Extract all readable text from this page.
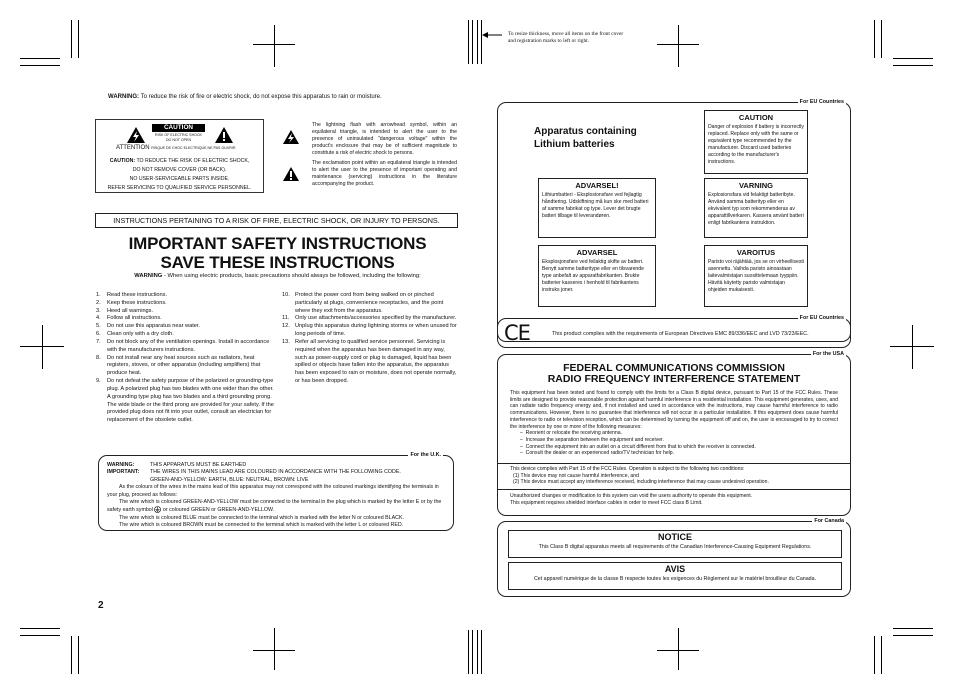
To resize thickness, move all items on the front cover
and registration marks to left or right.
WARNING: To reduce the risk of fire or electric shock, do not expose this apparatus to rain or moisture.
CAUTION
RISK OF ELECTRIC SHOCK
DO NOT OPEN
ATTENTION RISQUE DE CHOC ELECTRIQUE NE PAS OUVRIR
CAUTION: TO REDUCE THE RISK OF ELECTRIC SHOCK,
DO NOT REMOVE COVER (OR BACK).
NO USER-SERVICEABLE PARTS INSIDE.
REFER SERVICING TO QUALIFIED SERVICE PERSONNEL.
The lightning flash with arrowhead symbol, within an equilateral triangle, is intended to alert the user to the presence of uninsulated "dangerous voltage" within the product's enclosure that may be of sufficient magnitude to constitute a risk of electric shock to persons.
The exclamation point within an equilateral triangle is intended to alert the user to the presence of important operating and maintenance (servicing) instructions in the literature accompanying the product.
INSTRUCTIONS PERTAINING TO A RISK OF FIRE, ELECTRIC SHOCK, OR INJURY TO PERSONS.
IMPORTANT SAFETY INSTRUCTIONS
SAVE THESE INSTRUCTIONS
WARNING - When using electric products, basic precautions should always be followed, including the following:
1.	Read these instructions.
2.	Keep these instructions.
3.	Heed all warnings.
4.	Follow all instructions.
5.	Do not use this apparatus near water.
6.	Clean only with a dry cloth.
7.	Do not block any of the ventilation openings. Install in accordance with the manufacturers instructions.
8.	Do not install near any heat sources such as radiators, heat registers, stoves, or other apparatus (including amplifiers) that produce heat.
9.	Do not defeat the safety purpose of the polarized or grounding-type plug. A polarized plug has two blades with one wider than the other. A grounding type plug has two blades and a third grounding prong. The wide blade or the third prong are provided for your safety. If the provided plug does not fit into your outlet, consult an electrician for replacement of the obsolete outlet.
10. Protect the power cord from being walked on or pinched particularly at plugs, convenience receptacles, and the point where they exit from the apparatus.
11.	Only use attachments/accessories specified by the manufacturer.
12. Unplug this apparatus during lightning storms or when unused for long periods of time.
13. Refer all servicing to qualified service personnel. Servicing is required when the apparatus has been damaged in any way, such as power-supply cord or plug is damaged, liquid has been spilled or objects have fallen into the apparatus, the apparatus has been exposed to rain or moisture, does not operate normally, or has been dropped.
For the U.K.
WARNING:	THIS APPARATUS MUST BE EARTHED
IMPORTANT:	THE WIRES IN THIS MAINS LEAD ARE COLOURED IN ACCORDANCE WITH THE FOLLOWING CODE.
GREEN-AND-YELLOW: EARTH, BLUE: NEUTRAL, BROWN: LIVE
As the colours of the wires in the mains lead of this apparatus may not correspond with the coloured markings identifying the terminals in your plug, proceed as follows:
The wire which is coloured GREEN-AND-YELLOW must be connected to the terminal in the plug which is marked by the letter E or by the safety earth symbol or coloured GREEN or GREEN-AND-YELLOW.
The wire which is coloured BLUE must be connected to the terminal which is marked with the letter N or coloured BLACK.
The wire which is coloured BROWN must be connected to the terminal which is marked with the letter L or coloured RED.
2
For EU Countries
Apparatus containing
Lithium batteries
CAUTION
Danger of explosion if battery is incorrectly replaced. Replace only with the same or equivalent type recommended by the manufacturer. Discard used batteries according to the manufacturer's instructions.
ADVARSEL!
Lithiumbatteri - Eksplosionsfare ved fejlagtig håndtering. Udskiftning må kun ske med batteri af samme fabrikat og type. Lever det brugte batteri tilbage til leverandøren.
VARNING
Explosionsfara vid felaktigt batteribyte. Använd samma batterityp eller en ekvivalent typ som rekommenderas av apparattillverkaren. Kassera använt batteri enligt fabrikantens instruktion.
ADVARSEL
Eksplosjonsfare ved feilaktig skifte av batteri. Benytt samme batteritype eller en tilsvarende type anbefalt av apparatfabrikanten. Brukte batterier kasseres i henhold til fabrikantens instruks joner.
VAROITUS
Paristo voi räjähtää, jos se on virheellisesti asennettu. Vaihda paristo ainoastaan laitevalmistajan suosittelemaan tyyppiin. Hävitä käytetty paristo valmistajan ohjeiden mukaisesti.
For EU Countries
CE	This product complies with the requirements of European Directives EMC 89/336/EEC and LVD 73/23/EEC.
For the USA
FEDERAL COMMUNICATIONS COMMISSION
RADIO FREQUENCY INTERFERENCE STATEMENT
This equipment has been tested and found to comply with the limits for a Class B digital device, pursuant to Part 15 of the FCC Rules. These limits are designed to provide reasonable protection against harmful interference in a residential installation. This equipment generates, uses, and can radiate radio frequency energy and, if not installed and used in accordance with the instructions, may cause harmful interference to radio communications. However, there is no guarantee that interference will not occur in a particular installation. If this equipment does cause harmful interference to radio or television reception, which can be determined by turning the equipment off and on, the user is encouraged to try to correct the interference by one or more of the following measures:
–  Reorient or relocate the receiving antenna.
–  Increase the separation between the equipment and receiver.
–  Connect the equipment into an outlet on a circuit different from that to which the receiver is connected.
–  Consult the dealer or an experienced radio/TV technician for help.
This device complies with Part 15 of the FCC Rules. Operation is subject to the following two conditions:
(1) This device may not cause harmful interference, and
(2) This device must accept any interference received, including interference that may cause undesired operation.
Unauthorized changes or modification to this system can void the users authority to operate this equipment.
This equipment requires shielded interface cables in order to meet FCC class B Limit.
For Canada
NOTICE
This Class B digital apparatus meets all requirements of the Canadian Interference-Causing Equipment Regulations.
AVIS
Cet appareil numérique de la classe B respecte toutes les exigences du Règlement sur le matériel brouilleur du Canada.
